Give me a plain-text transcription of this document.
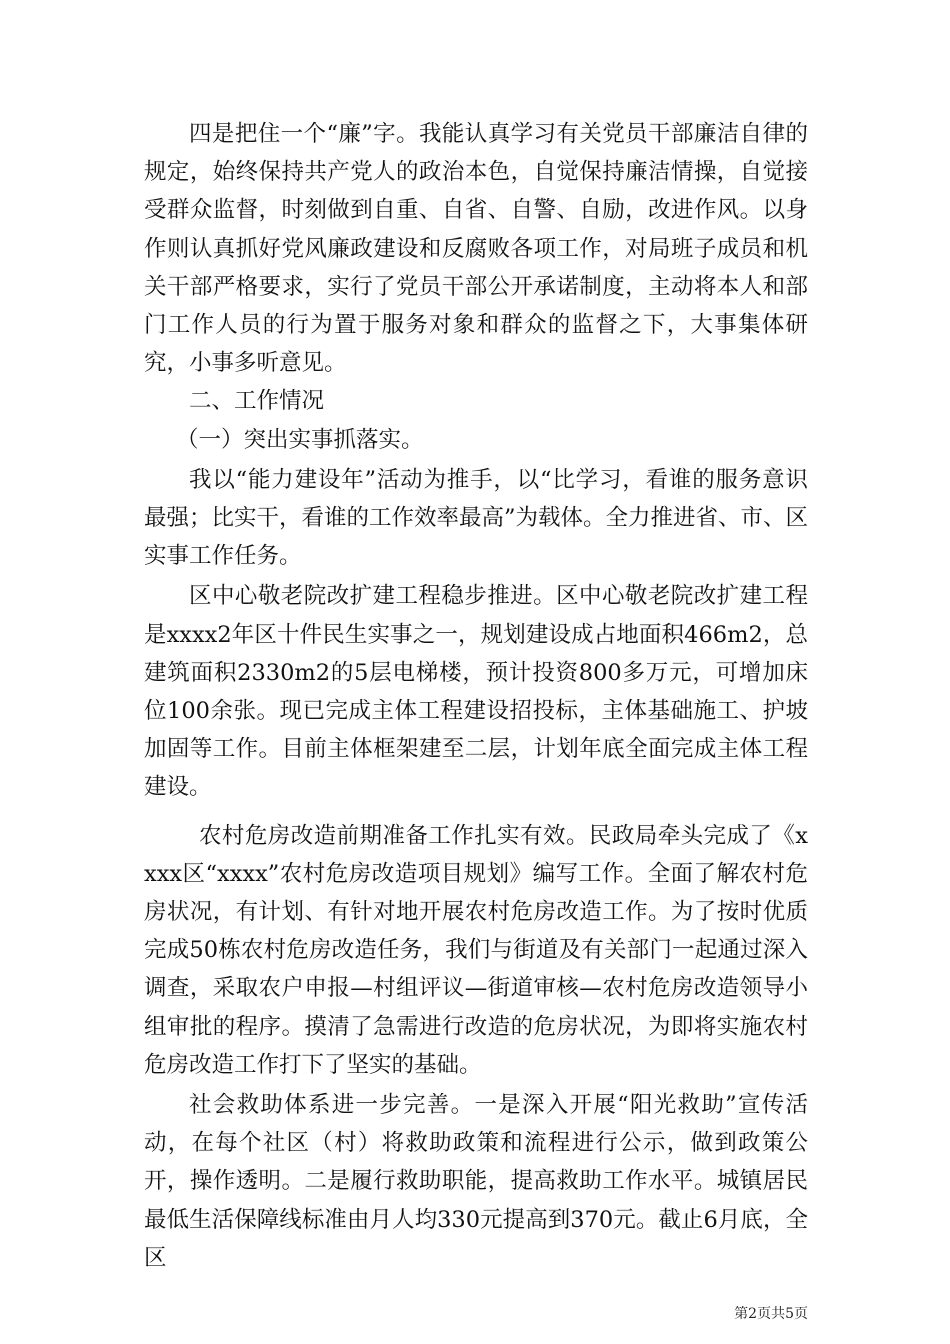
四是把住一个“廉”字。我能认真学习有关党员干部廉洁自律的规定，始终保持共产党人的政治本色，自觉保持廉洁情操，自觉接受群众监督，时刻做到自重、自省、自警、自励，改进作风。以身作则认真抓好党风廉政建设和反腐败各项工作，对局班子成员和机关干部严格要求，实行了党员干部公开承诺制度，主动将本人和部门工作人员的行为置于服务对象和群众的监督之下，大事集体研究，小事多听意见。

二、工作情况

（一）突出实事抓落实。

我以“能力建设年”活动为推手，以“比学习，看谁的服务意识最强；比实干，看谁的工作效率最高”为载体。全力推进省、市、区实事工作任务。

区中心敬老院改扩建工程稳步推进。区中心敬老院改扩建工程是xxxx2年区十件民生实事之一，规划建设成占地面积466m2，总建筑面积2330m2的5层电梯楼，预计投资800多万元，可增加床位100余张。现已完成主体工程建设招投标，主体基础施工、护坡加固等工作。目前主体框架建至二层，计划年底全面完成主体工程建设。

农村危房改造前期准备工作扎实有效。民政局牵头完成了《xxxx区“xxxx”农村危房改造项目规划》编写工作。全面了解农村危房状况，有计划、有针对地开展农村危房改造工作。为了按时优质完成50栋农村危房改造任务，我们与街道及有关部门一起通过深入调查，采取农户申报—村组评议—街道审核—农村危房改造领导小组审批的程序。摸清了急需进行改造的危房状况，为即将实施农村危房改造工作打下了坚实的基础。

社会救助体系进一步完善。一是深入开展“阳光救助”宣传活动，在每个社区（村）将救助政策和流程进行公示，做到政策公开，操作透明。二是履行救助职能，提高救助工作水平。城镇居民最低生活保障线标准由月人均330元提高到370元。截止6月底，全区

第2页共5页
